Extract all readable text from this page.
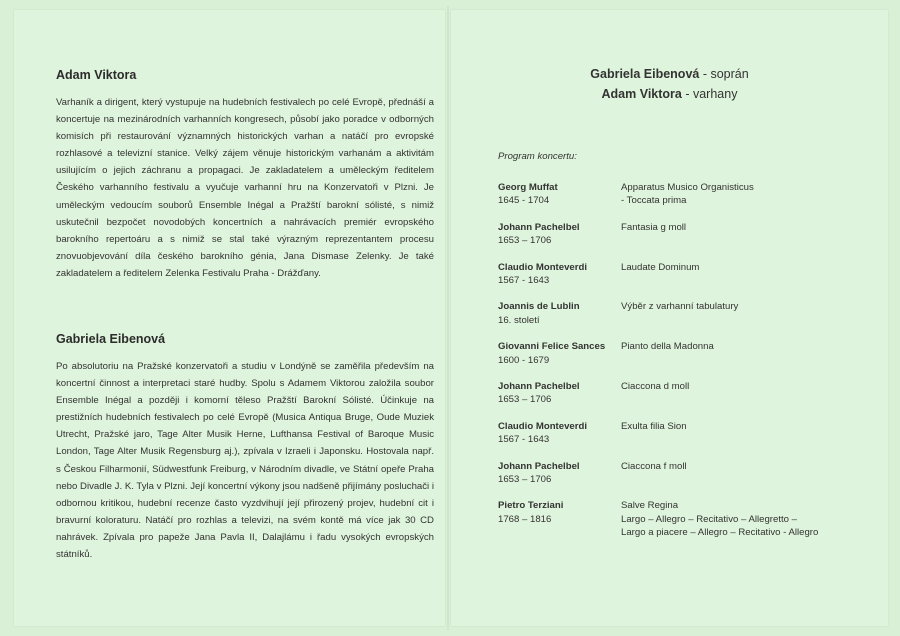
Adam Viktora

Varhaník a dirigent, který vystupuje na hudebních festivalech po celé Evropě, přednáší a koncertuje na mezinárodních varhanních kongresech, působí jako poradce v odborných komisích při restaurování významných historických varhan a natáčí pro evropské rozhlasové a televizní stanice. Velký zájem věnuje historickým varhanám a aktivitám usilujícím o jejich záchranu a propagaci. Je zakladatelem a uměleckým ředitelem Českého varhanního festivalu a vyučuje varhanní hru na Konzervatoři v Plzni. Je uměleckým vedoucím souborů Ensemble Inégal a Pražští barokní sólisté, s nimiž uskutečnil bezpočet novodobých koncertních a nahrávacích premiér evropského barokního repertoáru a s nimiž se stal také výrazným reprezentantem procesu znovuobjevování díla českého barokního génia, Jana Dismase Zelenky. Je také zakladatelem a ředitelem Zelenka Festivalu Praha - Drážďany.

Gabriela Eibenová

Po absolutoriu na Pražské konzervatoři a studiu v Londýně se zaměřila především na koncertní činnost a interpretaci staré hudby. Spolu s Adamem Viktorou založila soubor Ensemble Inégal a později i komorní těleso Pražští Barokní Sólisté. Účinkuje na prestižních hudebních festivalech po celé Evropě (Musica Antiqua Bruge, Oude Muziek Utrecht, Pražské jaro, Tage Alter Musik Herne, Lufthansa Festival of Baroque Music London, Tage Alter Musik Regensburg aj.), zpívala v Izraeli i Japonsku. Hostovala např. s Českou Filharmonií, Südwestfunk Freiburg, v Národním divadle, ve Státní opeře Praha nebo Divadle J. K. Tyla v Plzni. Její koncertní výkony jsou nadšeně přijímány posluchači i odbornou kritikou, hudební recenze často vyzdvihují její přirozený projev, hudební cit i bravurní koloraturu. Natáčí pro rozhlas a televizi, na svém kontě má více jak 30 CD nahrávek. Zpívala pro papeže Jana Pavla II, Dalajlámu i řadu vysokých evropských státníků.

Gabriela Eibenová - soprán
Adam Viktora - varhany
Program koncertu:
Georg Muffat
1645 - 1704
Apparatus Musico Organisticus
- Toccata prima
Johann Pachelbel
1653 – 1706
Fantasia g moll
Claudio Monteverdi
1567 - 1643
Laudate Dominum
Joannis de Lublin
16. století
Výběr z varhanní tabulatury
Giovanni Felice Sances
1600 - 1679
Pianto della Madonna
Johann Pachelbel
1653 – 1706
Ciaccona d moll
Claudio Monteverdi
1567 - 1643
Exulta filia Sion
Johann Pachelbel
1653 – 1706
Ciaccona f moll
Pietro Terziani
1768 – 1816
Salve Regina
Largo – Allegro – Recitativo – Allegretto –
Largo a piacere – Allegro – Recitativo - Allegro
